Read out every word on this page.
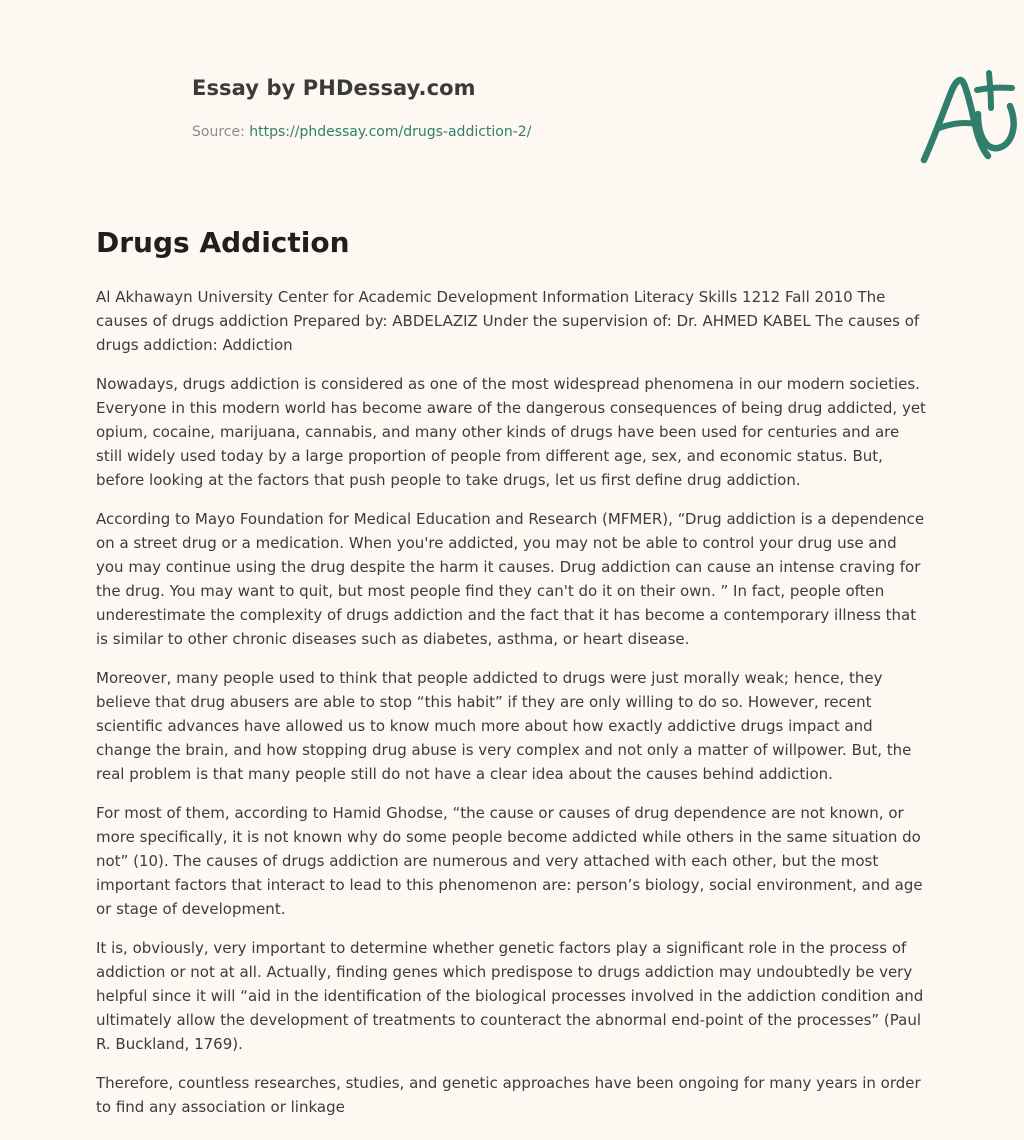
Essay by PHDessay.com
Source: https://phdessay.com/drugs-addiction-2/
Drugs Addiction

Al Akhawayn University Center for Academic Development Information Literacy Skills 1212 Fall 2010 The causes of drugs addiction Prepared by: ABDELAZIZ Under the supervision of: Dr. AHMED KABEL The causes of drugs addiction: Addiction

Nowadays, drugs addiction is considered as one of the most widespread phenomena in our modern societies. Everyone in this modern world has become aware of the dangerous consequences of being drug addicted, yet opium, cocaine, marijuana, cannabis, and many other kinds of drugs have been used for centuries and are still widely used today by a large proportion of people from different age, sex, and economic status. But, before looking at the factors that push people to take drugs, let us first define drug addiction.

According to Mayo Foundation for Medical Education and Research (MFMER), “Drug addiction is a dependence on a street drug or a medication. When you're addicted, you may not be able to control your drug use and you may continue using the drug despite the harm it causes. Drug addiction can cause an intense craving for the drug. You may want to quit, but most people find they can't do it on their own. ” In fact, people often underestimate the complexity of drugs addiction and the fact that it has become a contemporary illness that is similar to other chronic diseases such as diabetes, asthma, or heart disease.

Moreover, many people used to think that people addicted to drugs were just morally weak; hence, they believe that drug abusers are able to stop “this habit” if they are only willing to do so. However, recent scientific advances have allowed us to know much more about how exactly addictive drugs impact and change the brain, and how stopping drug abuse is very complex and not only a matter of willpower. But, the real problem is that many people still do not have a clear idea about the causes behind addiction.

For most of them, according to Hamid Ghodse, “the cause or causes of drug dependence are not known, or more specifically, it is not known why do some people become addicted while others in the same situation do not” (10). The causes of drugs addiction are numerous and very attached with each other, but the most important factors that interact to lead to this phenomenon are: person’s biology, social environment, and age or stage of development.

It is, obviously, very important to determine whether genetic factors play a significant role in the process of addiction or not at all. Actually, finding genes which predispose to drugs addiction may undoubtedly be very helpful since it will “aid in the identification of the biological processes involved in the addiction condition and ultimately allow the development of treatments to counteract the abnormal end-point of the processes” (Paul R. Buckland, 1769).

Therefore, countless researches, studies, and genetic approaches have been ongoing for many years in order to find any association or linkage
